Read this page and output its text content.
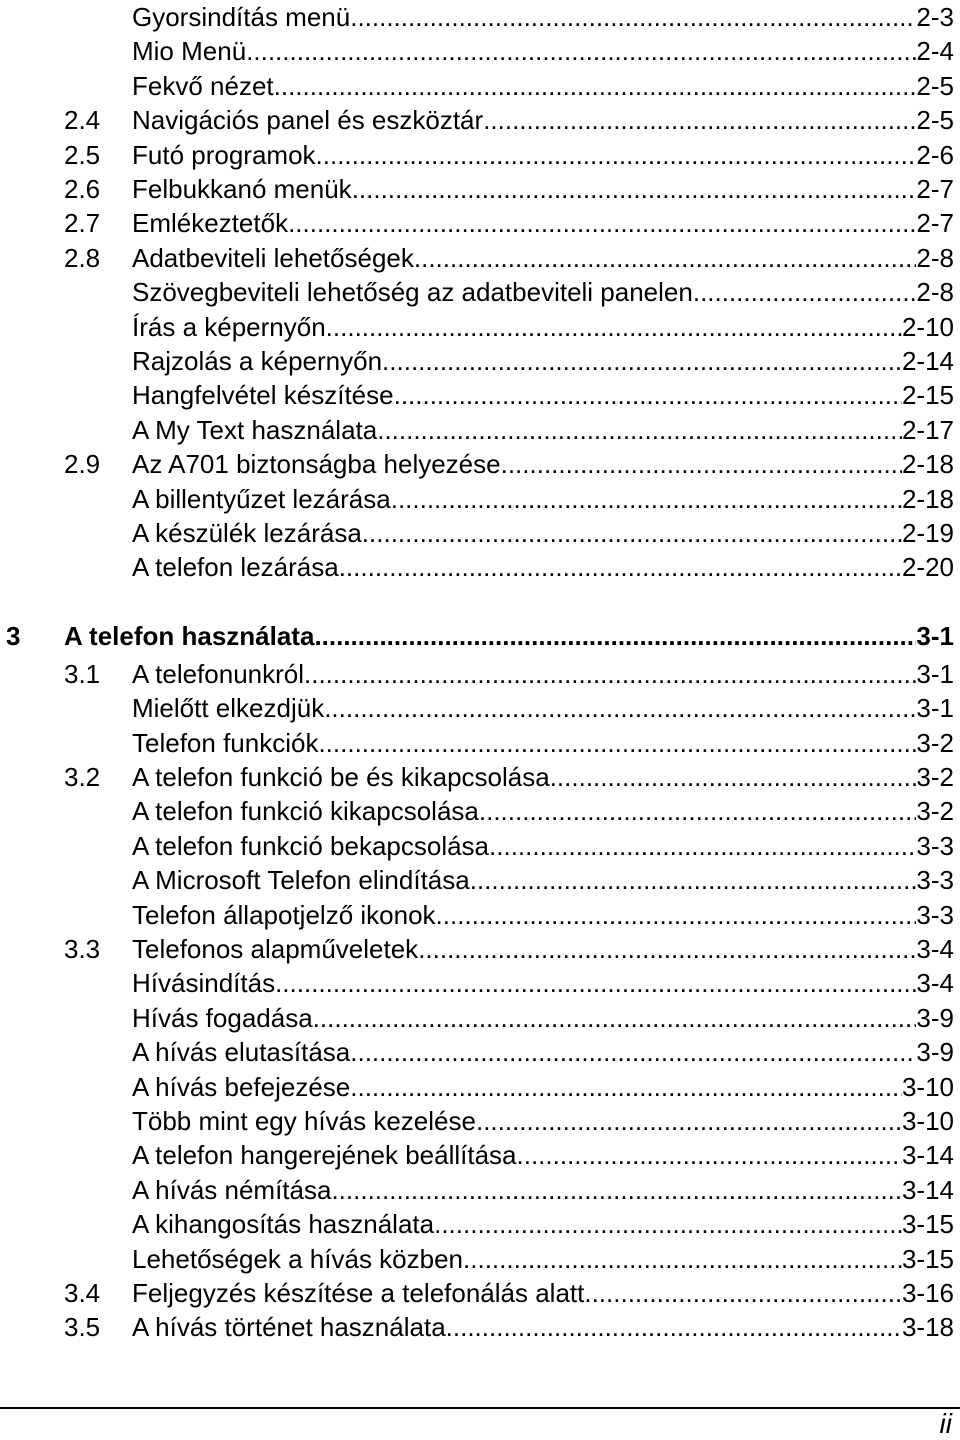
Gyorsindítás menü .....	2-3
Mio Menü .....	2-4
Fekvő nézet .....	2-5
2.4 Navigációs panel és eszköztár .....	2-5
2.5 Futó programok .....	2-6
2.6 Felbukkanó menük .....	2-7
2.7 Emlékeztetők .....	2-7
2.8 Adatbeviteli lehetőségek .....	2-8
Szövegbeviteli lehetőség az adatbeviteli panelen .....	2-8
Írás a képernyőn .....	2-10
Rajzolás a képernyőn .....	2-14
Hangfelvétel készítése .....	2-15
A My Text használata .....	2-17
2.9 Az A701 biztonságba helyezése .....	2-18
A billentyűzet lezárása .....	2-18
A készülék lezárása .....	2-19
A telefon lezárása .....	2-20
3 A telefon használata .....	3-1
3.1 A telefonunkról .....	3-1
Mielőtt elkezdjük .....	3-1
Telefon funkciók .....	3-2
3.2 A telefon funkció be és kikapcsolása .....	3-2
A telefon funkció kikapcsolása .....	3-2
A telefon funkció bekapcsolása .....	3-3
A Microsoft Telefon elindítása .....	3-3
Telefon állapotjelző ikonok .....	3-3
3.3 Telefonos alapműveletek .....	3-4
Hívásindítás .....	3-4
Hívás fogadása .....	3-9
A hívás elutasítása .....	3-9
A hívás befejezése .....	3-10
Több mint egy hívás kezelése .....	3-10
A telefon hangerejének beállítása .....	3-14
A hívás némítása .....	3-14
A kihangosítás használata .....	3-15
Lehetőségek a hívás közben .....	3-15
3.4 Feljegyzés készítése a telefonálás alatt .....	3-16
3.5 A hívás történet használata .....	3-18
ii
